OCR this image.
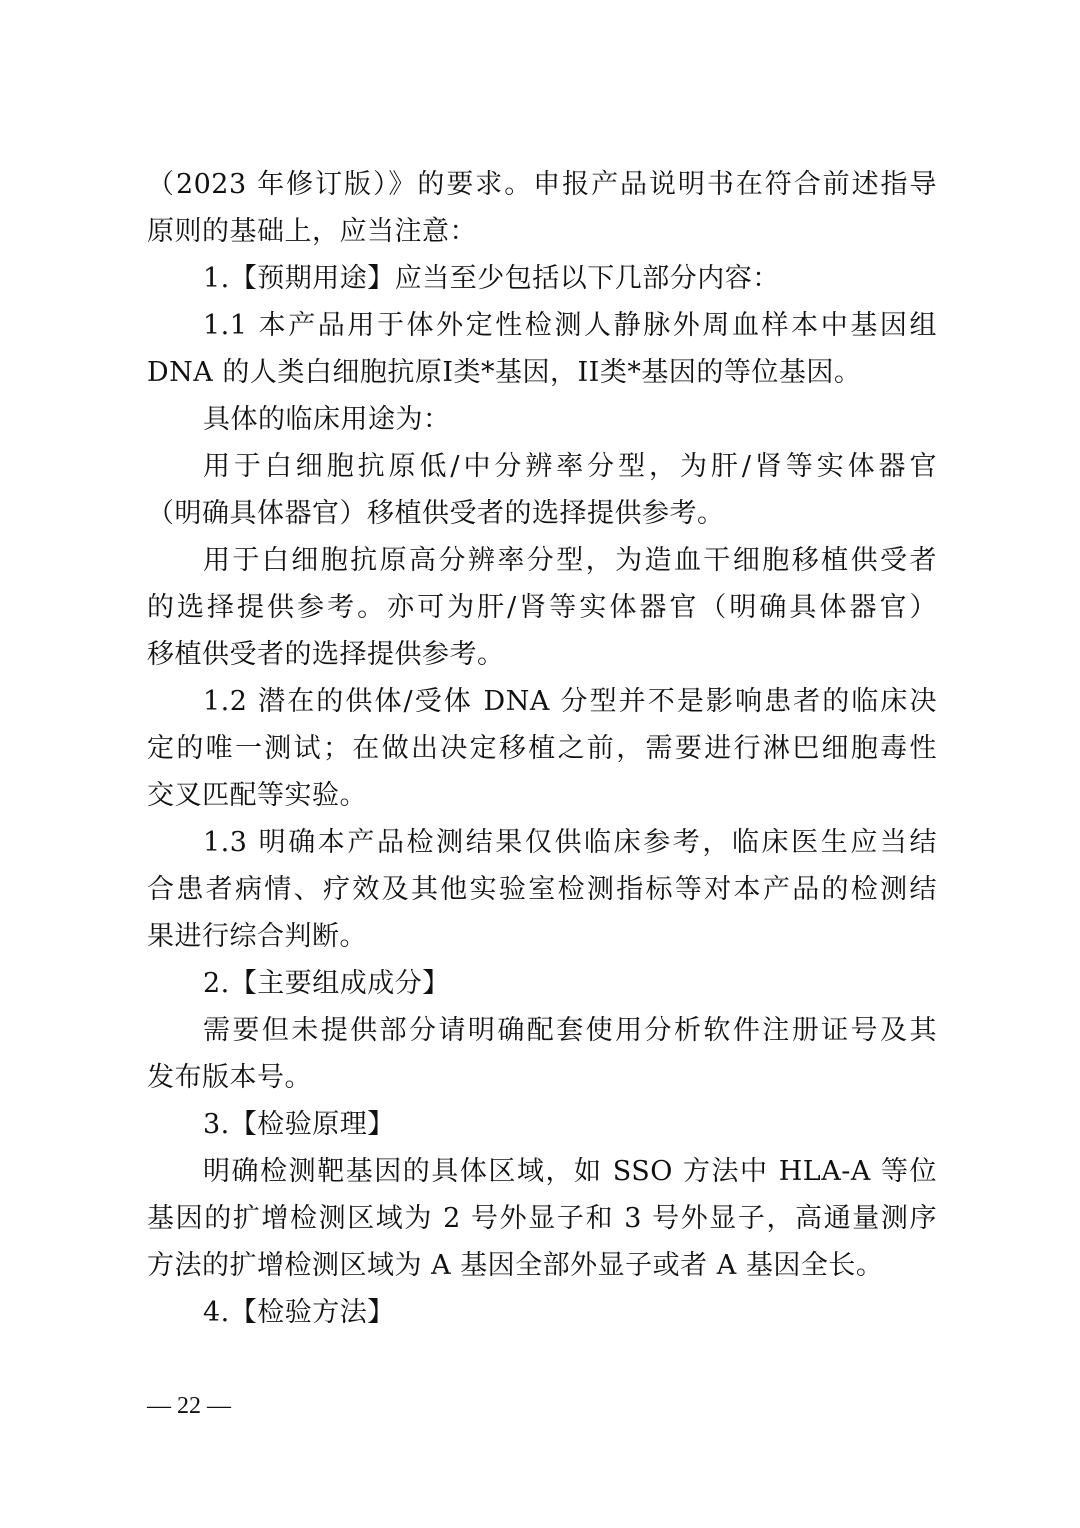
（2023 年修订版）》的要求。申报产品说明书在符合前述指导
原则的基础上，应当注意：
1.【预期用途】应当至少包括以下几部分内容：
1.1 本产品用于体外定性检测人静脉外周血样本中基因组
DNA 的人类白细胞抗原I类*基因，II类*基因的等位基因。
具体的临床用途为：
用于白细胞抗原低/中分辨率分型，为肝/肾等实体器官
（明确具体器官）移植供受者的选择提供参考。
用于白细胞抗原高分辨率分型，为造血干细胞移植供受者
的选择提供参考。亦可为肝/肾等实体器官（明确具体器官）
移植供受者的选择提供参考。
1.2 潜在的供体/受体 DNA 分型并不是影响患者的临床决
定的唯一测试；在做出决定移植之前，需要进行淋巴细胞毒性
交叉匹配等实验。
1.3 明确本产品检测结果仅供临床参考，临床医生应当结
合患者病情、疗效及其他实验室检测指标等对本产品的检测结
果进行综合判断。
2.【主要组成成分】
需要但未提供部分请明确配套使用分析软件注册证号及其
发布版本号。
3.【检验原理】
明确检测靶基因的具体区域，如 SSO 方法中 HLA-A 等位
基因的扩增检测区域为 2 号外显子和 3 号外显子，高通量测序
方法的扩增检测区域为 A 基因全部外显子或者 A 基因全长。
4.【检验方法】
— 22 —
